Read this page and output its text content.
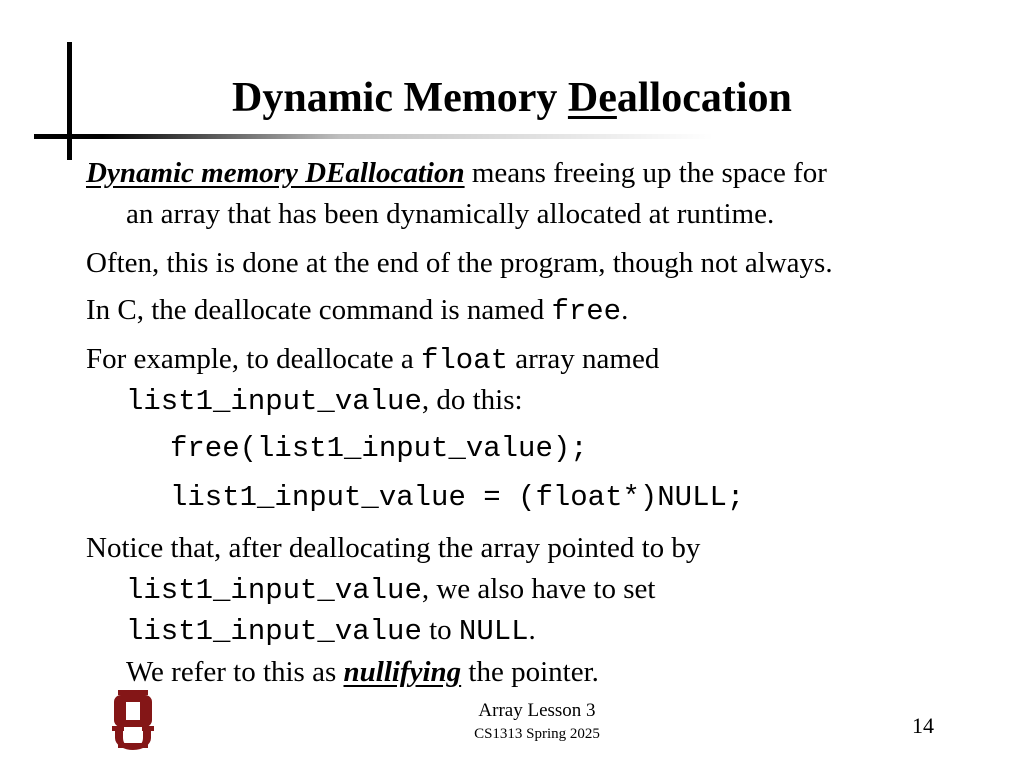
Dynamic Memory Deallocation
Dynamic memory DEallocation means freeing up the space for
an array that has been dynamically allocated at runtime.
Often, this is done at the end of the program, though not always.
In C, the deallocate command is named free.
For example, to deallocate a float array named
list1_input_value, do this:
free(list1_input_value);
list1_input_value = (float*)NULL;
Notice that, after deallocating the array pointed to by
list1_input_value, we also have to set
list1_input_value to NULL.
We refer to this as nullifying the pointer.
Array Lesson 3
CS1313 Spring 2025	14
